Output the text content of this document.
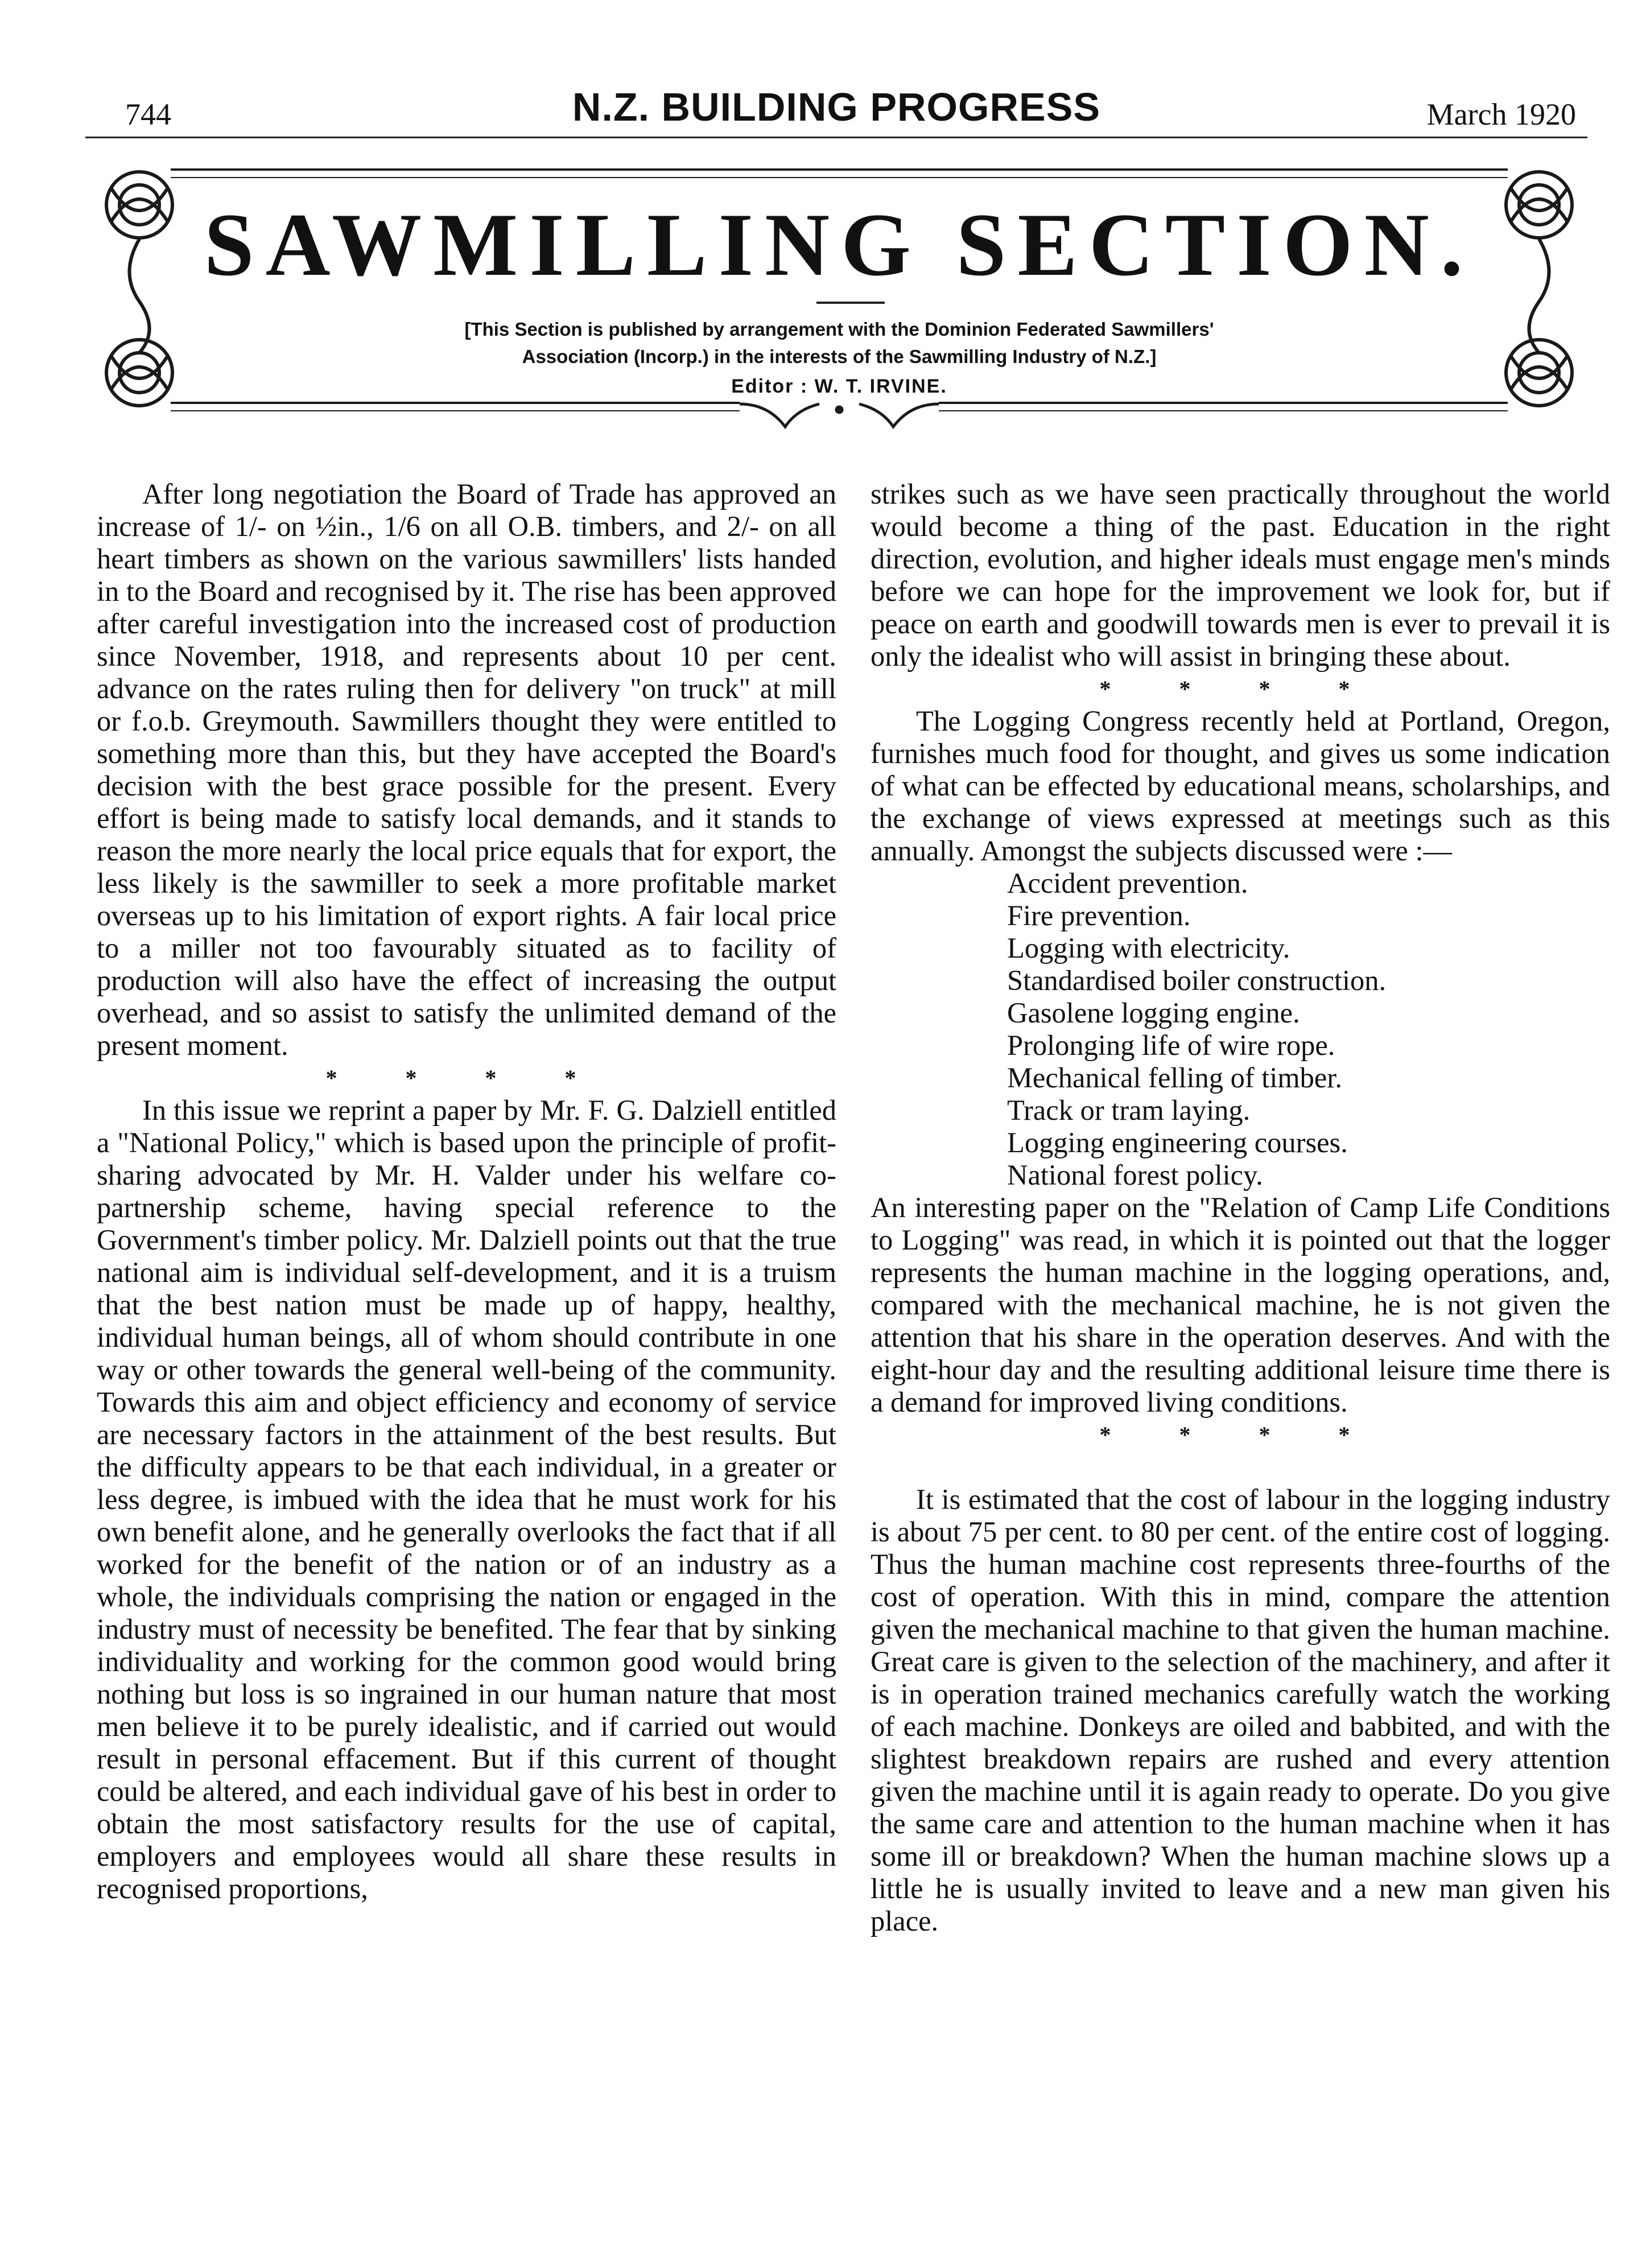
744	N.Z. BUILDING PROGRESS	March 1920
SAWMILLING SECTION.
[This Section is published by arrangement with the Dominion Federated Sawmillers'
Association (Incorp.) in the interests of the Sawmilling Industry of N.Z.]
Editor : W. T. IRVINE.

After long negotiation the Board of Trade has approved an increase of 1/- on ½in., 1/6 on all O.B. timbers, and 2/- on all heart timbers as shown on the various sawmillers' lists handed in to the Board and recognised by it. The rise has been approved after careful investigation into the increased cost of production since November, 1918, and represents about 10 per cent. advance on the rates ruling then for delivery "on truck" at mill or f.o.b. Greymouth. Sawmillers thought they were entitled to something more than this, but they have accepted the Board's decision with the best grace possible for the present. Every effort is being made to satisfy local demands, and it stands to reason the more nearly the local price equals that for export, the less likely is the sawmiller to seek a more profitable market overseas up to his limitation of export rights. A fair local price to a miller not too favourably situated as to facility of production will also have the effect of increasing the output overhead, and so assist to satisfy the unlimited demand of the present moment.

* * * *

In this issue we reprint a paper by Mr. F. G. Dalziell entitled a "National Policy," which is based upon the principle of profit-sharing advocated by Mr. H. Valder under his welfare co-partnership scheme, having special reference to the Government's timber policy. Mr. Dalziell points out that the true national aim is individual self-development, and it is a truism that the best nation must be made up of happy, healthy, individual human beings, all of whom should contribute in one way or other towards the general well-being of the community. Towards this aim and object efficiency and economy of service are necessary factors in the attainment of the best results. But the difficulty appears to be that each individual, in a greater or less degree, is imbued with the idea that he must work for his own benefit alone, and he generally overlooks the fact that if all worked for the benefit of the nation or of an industry as a whole, the individuals comprising the nation or engaged in the industry must of necessity be benefited. The fear that by sinking individuality and working for the common good would bring nothing but loss is so ingrained in our human nature that most men believe it to be purely idealistic, and if carried out would result in personal effacement. But if this current of thought could be altered, and each individual gave of his best in order to obtain the most satisfactory results for the use of capital, employers and employees would all share these results in recognised proportions,

strikes such as we have seen practically throughout the world would become a thing of the past. Education in the right direction, evolution, and higher ideals must engage men's minds before we can hope for the improvement we look for, but if peace on earth and goodwill towards men is ever to prevail it is only the idealist who will assist in bringing these about.

* * * *

The Logging Congress recently held at Portland, Oregon, furnishes much food for thought, and gives us some indication of what can be effected by educational means, scholarships, and the exchange of views expressed at meetings such as this annually. Amongst the subjects discussed were :—

Accident prevention.
Fire prevention.
Logging with electricity.
Standardised boiler construction.
Gasolene logging engine.
Prolonging life of wire rope.
Mechanical felling of timber.
Track or tram laying.
Logging engineering courses.
National forest policy.

An interesting paper on the "Relation of Camp Life Conditions to Logging" was read, in which it is pointed out that the logger represents the human machine in the logging operations, and, compared with the mechanical machine, he is not given the attention that his share in the operation deserves. And with the eight-hour day and the resulting additional leisure time there is a demand for improved living conditions.

* * * *

It is estimated that the cost of labour in the logging industry is about 75 per cent. to 80 per cent. of the entire cost of logging. Thus the human machine cost represents three-fourths of the cost of operation. With this in mind, compare the attention given the mechanical machine to that given the human machine. Great care is given to the selection of the machinery, and after it is in operation trained mechanics carefully watch the working of each machine. Donkeys are oiled and babbited, and with the slightest breakdown repairs are rushed and every attention given the machine until it is again ready to operate. Do you give the same care and attention to the human machine when it has some ill or breakdown? When the human machine slows up a little he is usually invited to leave and a new man given his place.
